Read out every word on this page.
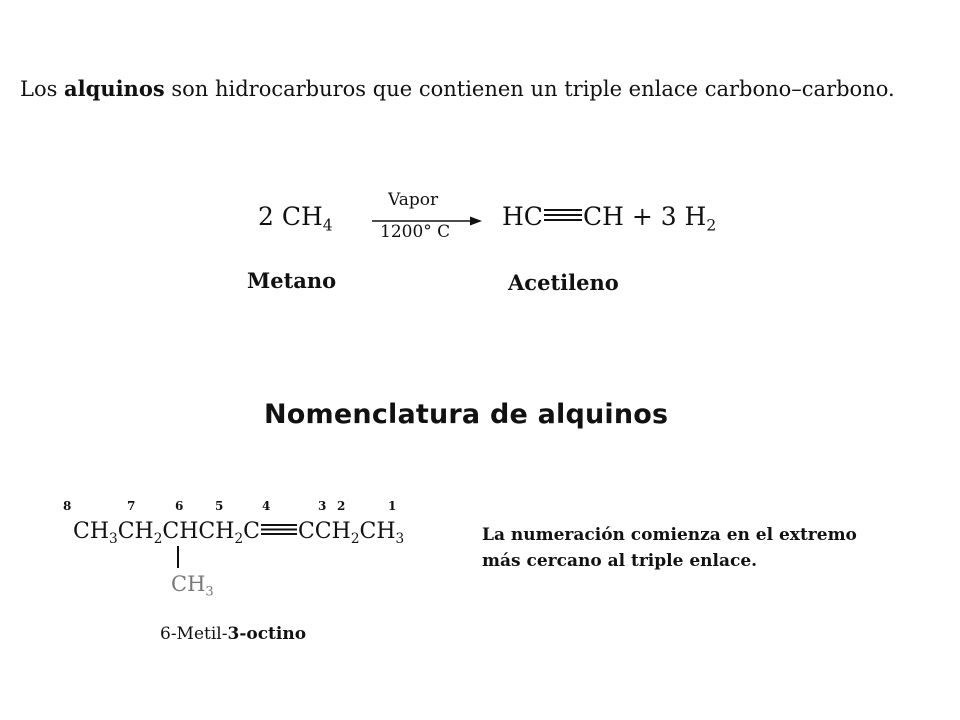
Los alquinos son hidrocarburos que contienen un triple enlace carbono–carbono.
2 $CH_4$
Vapor
1200° C
HC CH + 3 $H_2$
Metano	Acetileno
Nomenclatura de alquinos
8	7	6	5	4	3 2	1
$CH_3CH_2CHCH_2C$ $CCH_2CH_3$
$CH_3$
6-Metil-3-octino
La numeración comienza en el extremo
más cercano al triple enlace.
